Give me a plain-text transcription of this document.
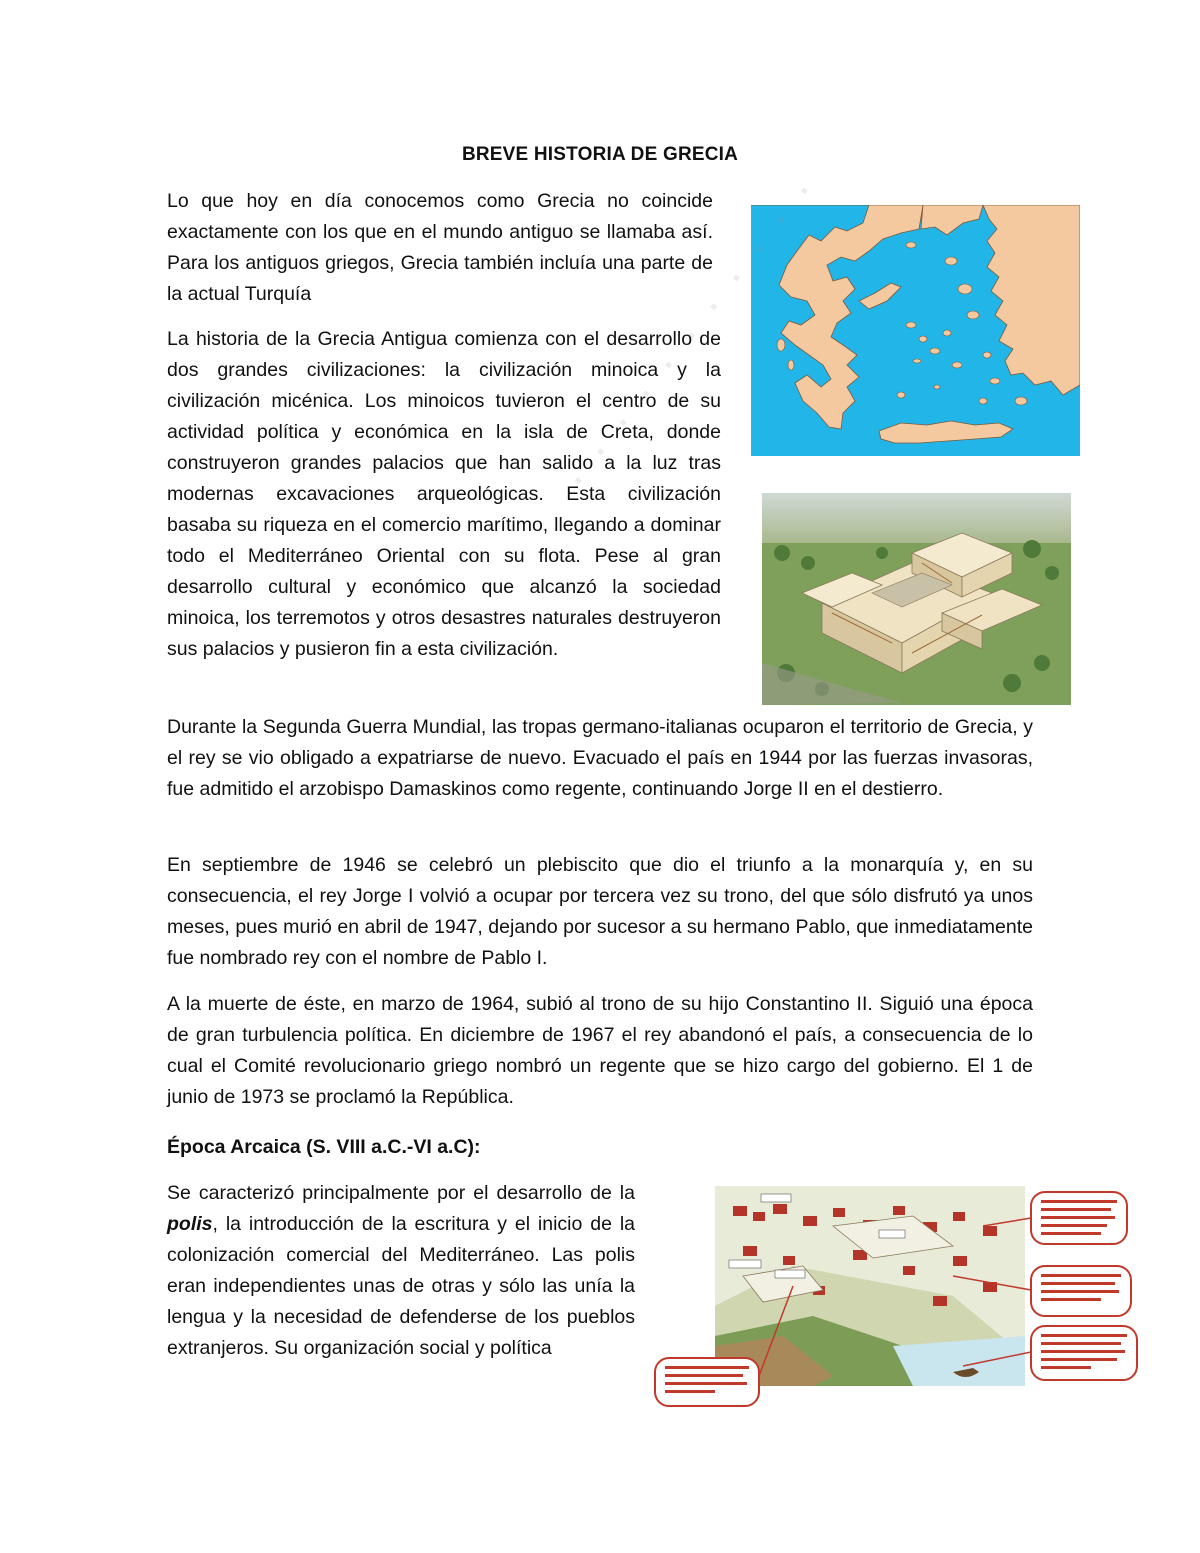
BREVE HISTORIA DE GRECIA

Lo que hoy en día conocemos como Grecia no coincide exactamente con los que en el mundo antiguo se llamaba así. Para los antiguos griegos, Grecia también incluía una parte de la actual Turquía

La historia de la Grecia Antigua comienza con el desarrollo de dos grandes civilizaciones: la civilización minoica y la civilización micénica. Los minoicos tuvieron el centro de su actividad política y económica en la isla de Creta, donde construyeron grandes palacios que han salido a la luz tras modernas excavaciones arqueológicas. Esta civilización basaba su riqueza en el comercio marítimo, llegando a dominar todo el Mediterráneo Oriental con su flota. Pese al gran desarrollo cultural y económico que alcanzó la sociedad minoica, los terremotos y otros desastres naturales destruyeron sus palacios y pusieron fin a esta civilización.

Durante la Segunda Guerra Mundial, las tropas germano-italianas ocuparon el territorio de Grecia, y el rey se vio obligado a expatriarse de nuevo. Evacuado el país en 1944 por las fuerzas invasoras, fue admitido el arzobispo Damaskinos como regente, continuando Jorge II en el destierro.

En septiembre de 1946 se celebró un plebiscito que dio el triunfo a la monarquía y, en su consecuencia, el rey Jorge I volvió a ocupar por tercera vez su trono, del que sólo disfrutó ya unos meses, pues murió en abril de 1947, dejando por sucesor a su hermano Pablo, que inmediatamente fue nombrado rey con el nombre de Pablo I.

A la muerte de éste, en marzo de 1964, subió al trono de su hijo Constantino II. Siguió una época de gran turbulencia política. En diciembre de 1967 el rey abandonó el país, a consecuencia de lo cual el Comité revolucionario griego nombró un regente que se hizo cargo del gobierno. El 1 de junio de 1973 se proclamó la República.

Época Arcaica (S. VIII a.C.-VI a.C):

Se caracterizó principalmente por el desarrollo de la polis, la introducción de la escritura y el inicio de la colonización comercial del Mediterráneo. Las polis eran independientes unas de otras y sólo las unía la lengua y la necesidad de defenderse de los pueblos extranjeros. Su organización social y política

· · · · · · · · · · ·
